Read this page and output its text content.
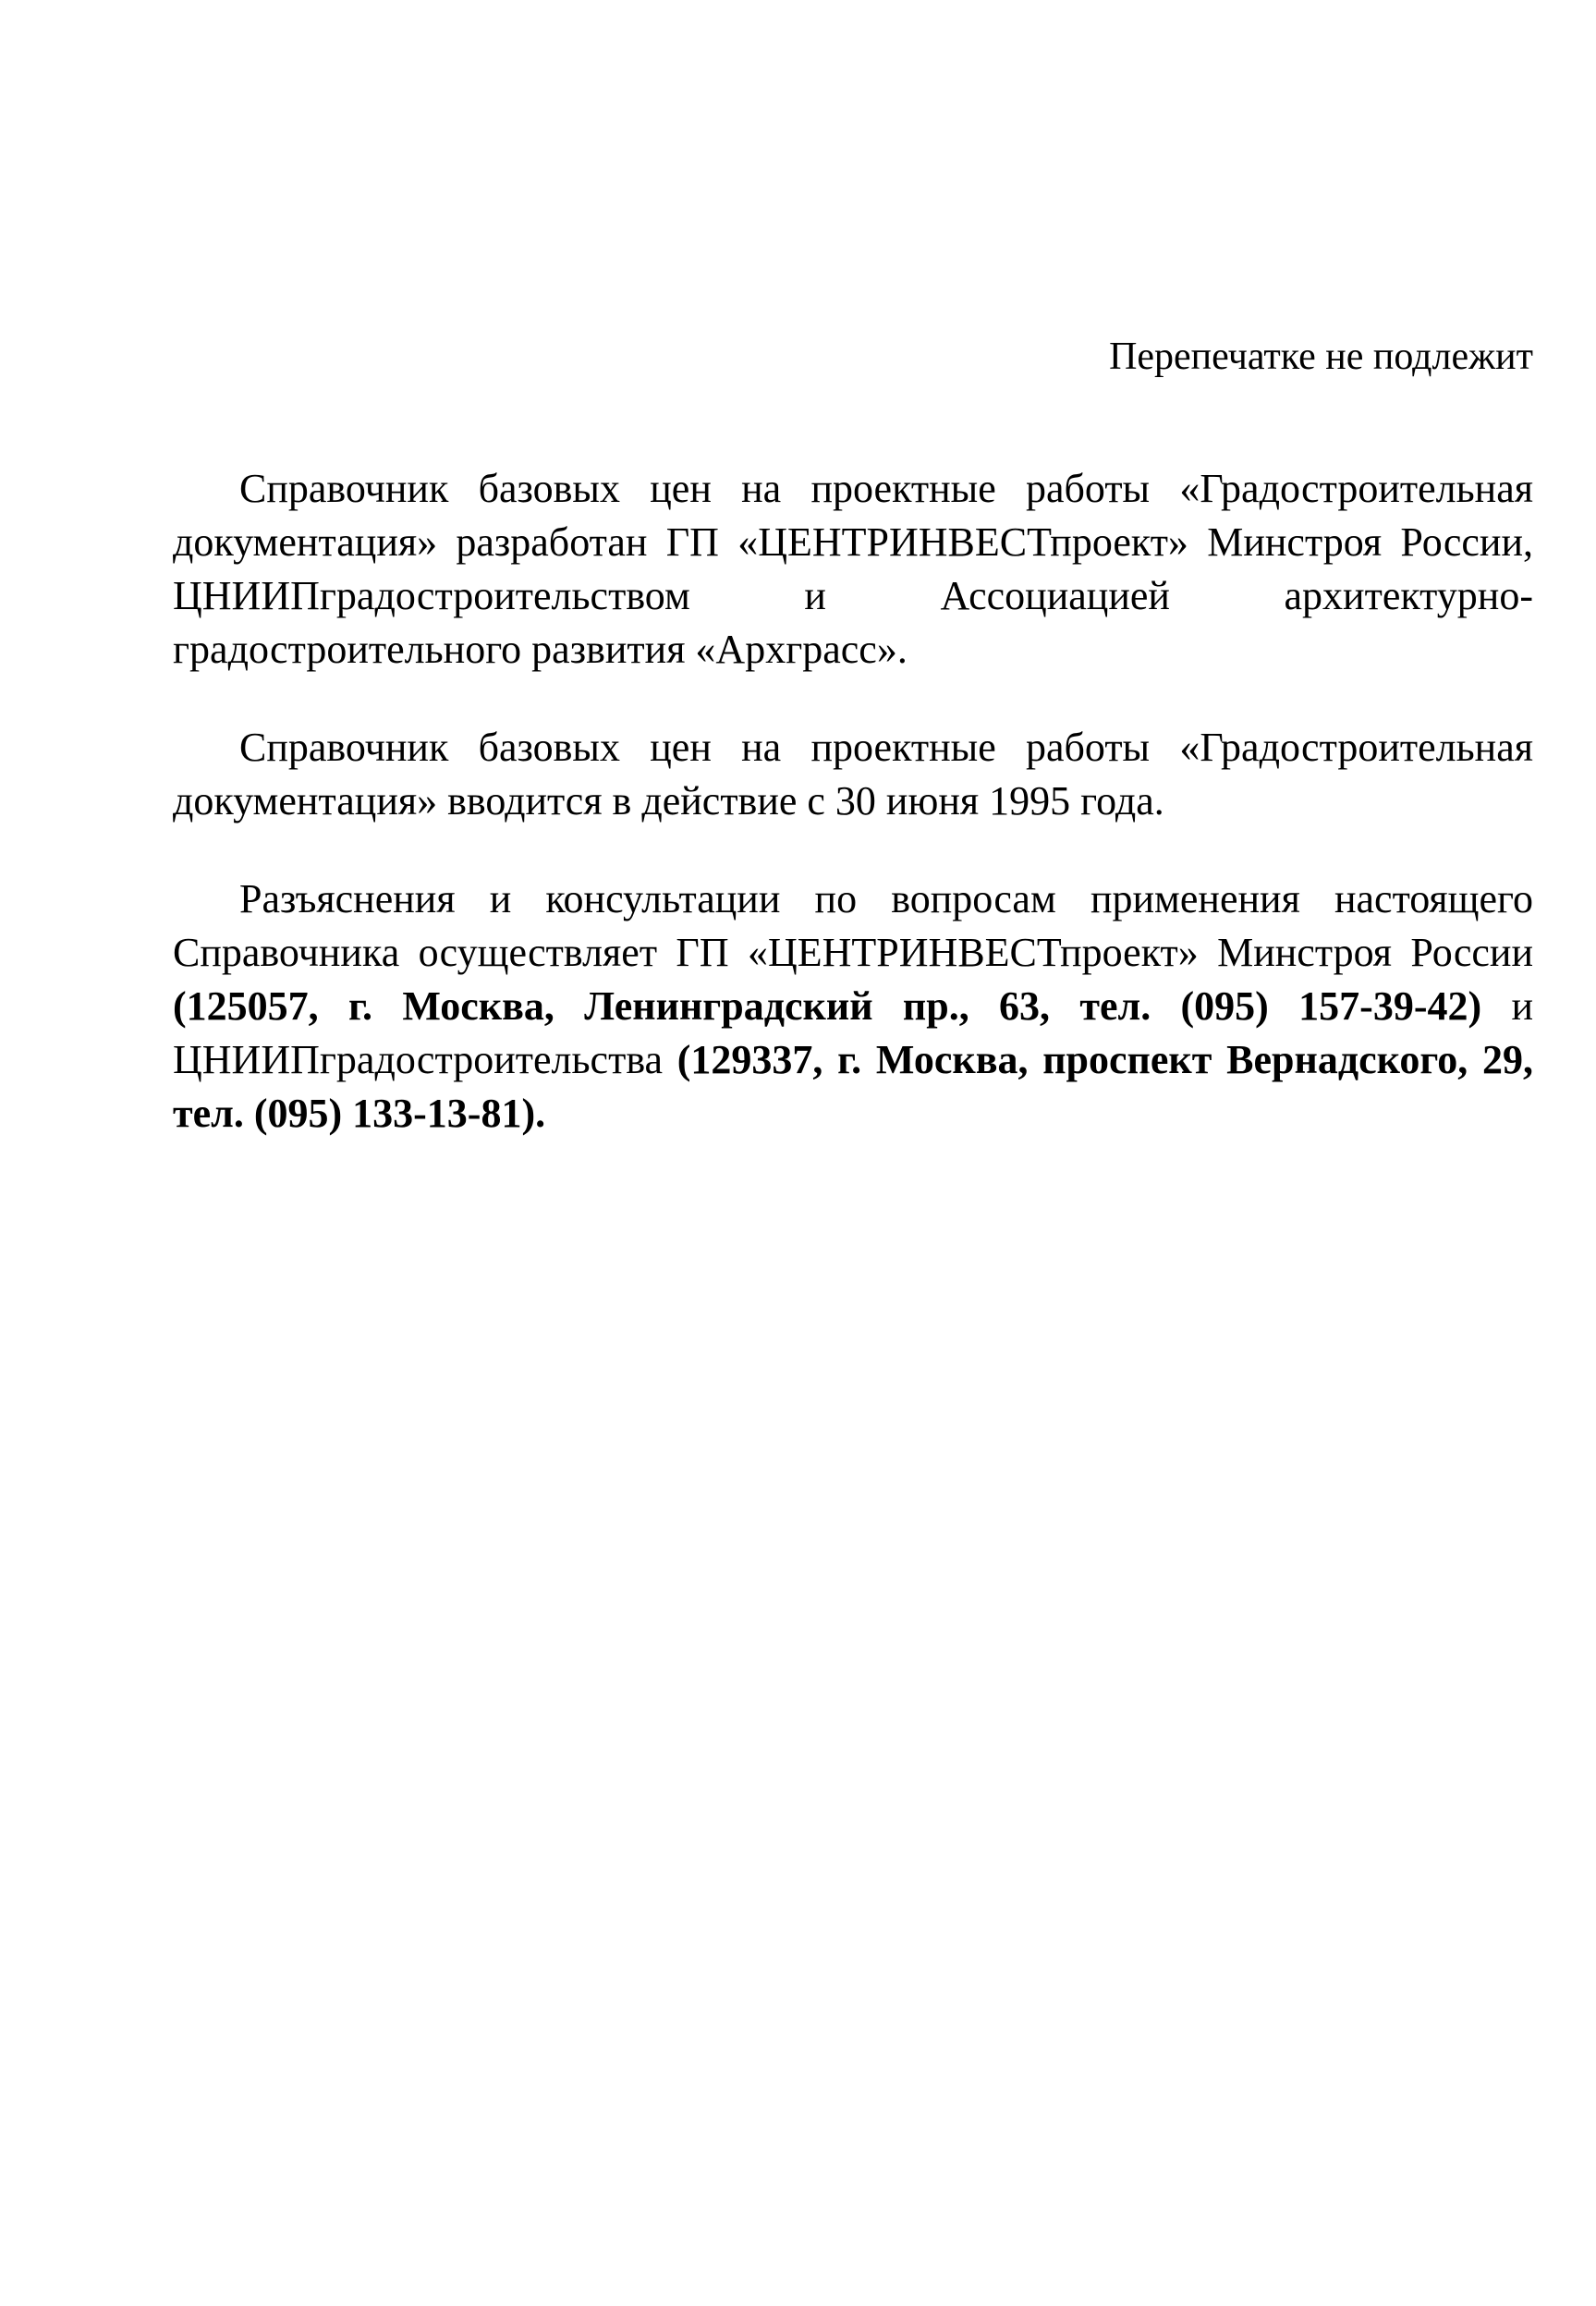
Перепечатке не подлежит

Справочник базовых цен на проектные работы «Градостроительная документация» разработан ГП «ЦЕНТРИНВЕСТпроект» Минстроя России, ЦНИИПградостроительством и Ассоциацией архитектурно-градостроительного развития «Архграсс».

Справочник базовых цен на проектные работы «Градостроительная документация» вводится в действие с 30 июня 1995 года.

Разъяснения и консультации по вопросам применения настоящего Справочника осуществляет ГП «ЦЕНТРИНВЕСТпроект» Минстроя России (125057, г. Москва, Ленинградский пр., 63, тел. (095) 157-39-42) и ЦНИИПградостроительства (129337, г. Москва, проспект Вернадского, 29, тел. (095) 133-13-81).
